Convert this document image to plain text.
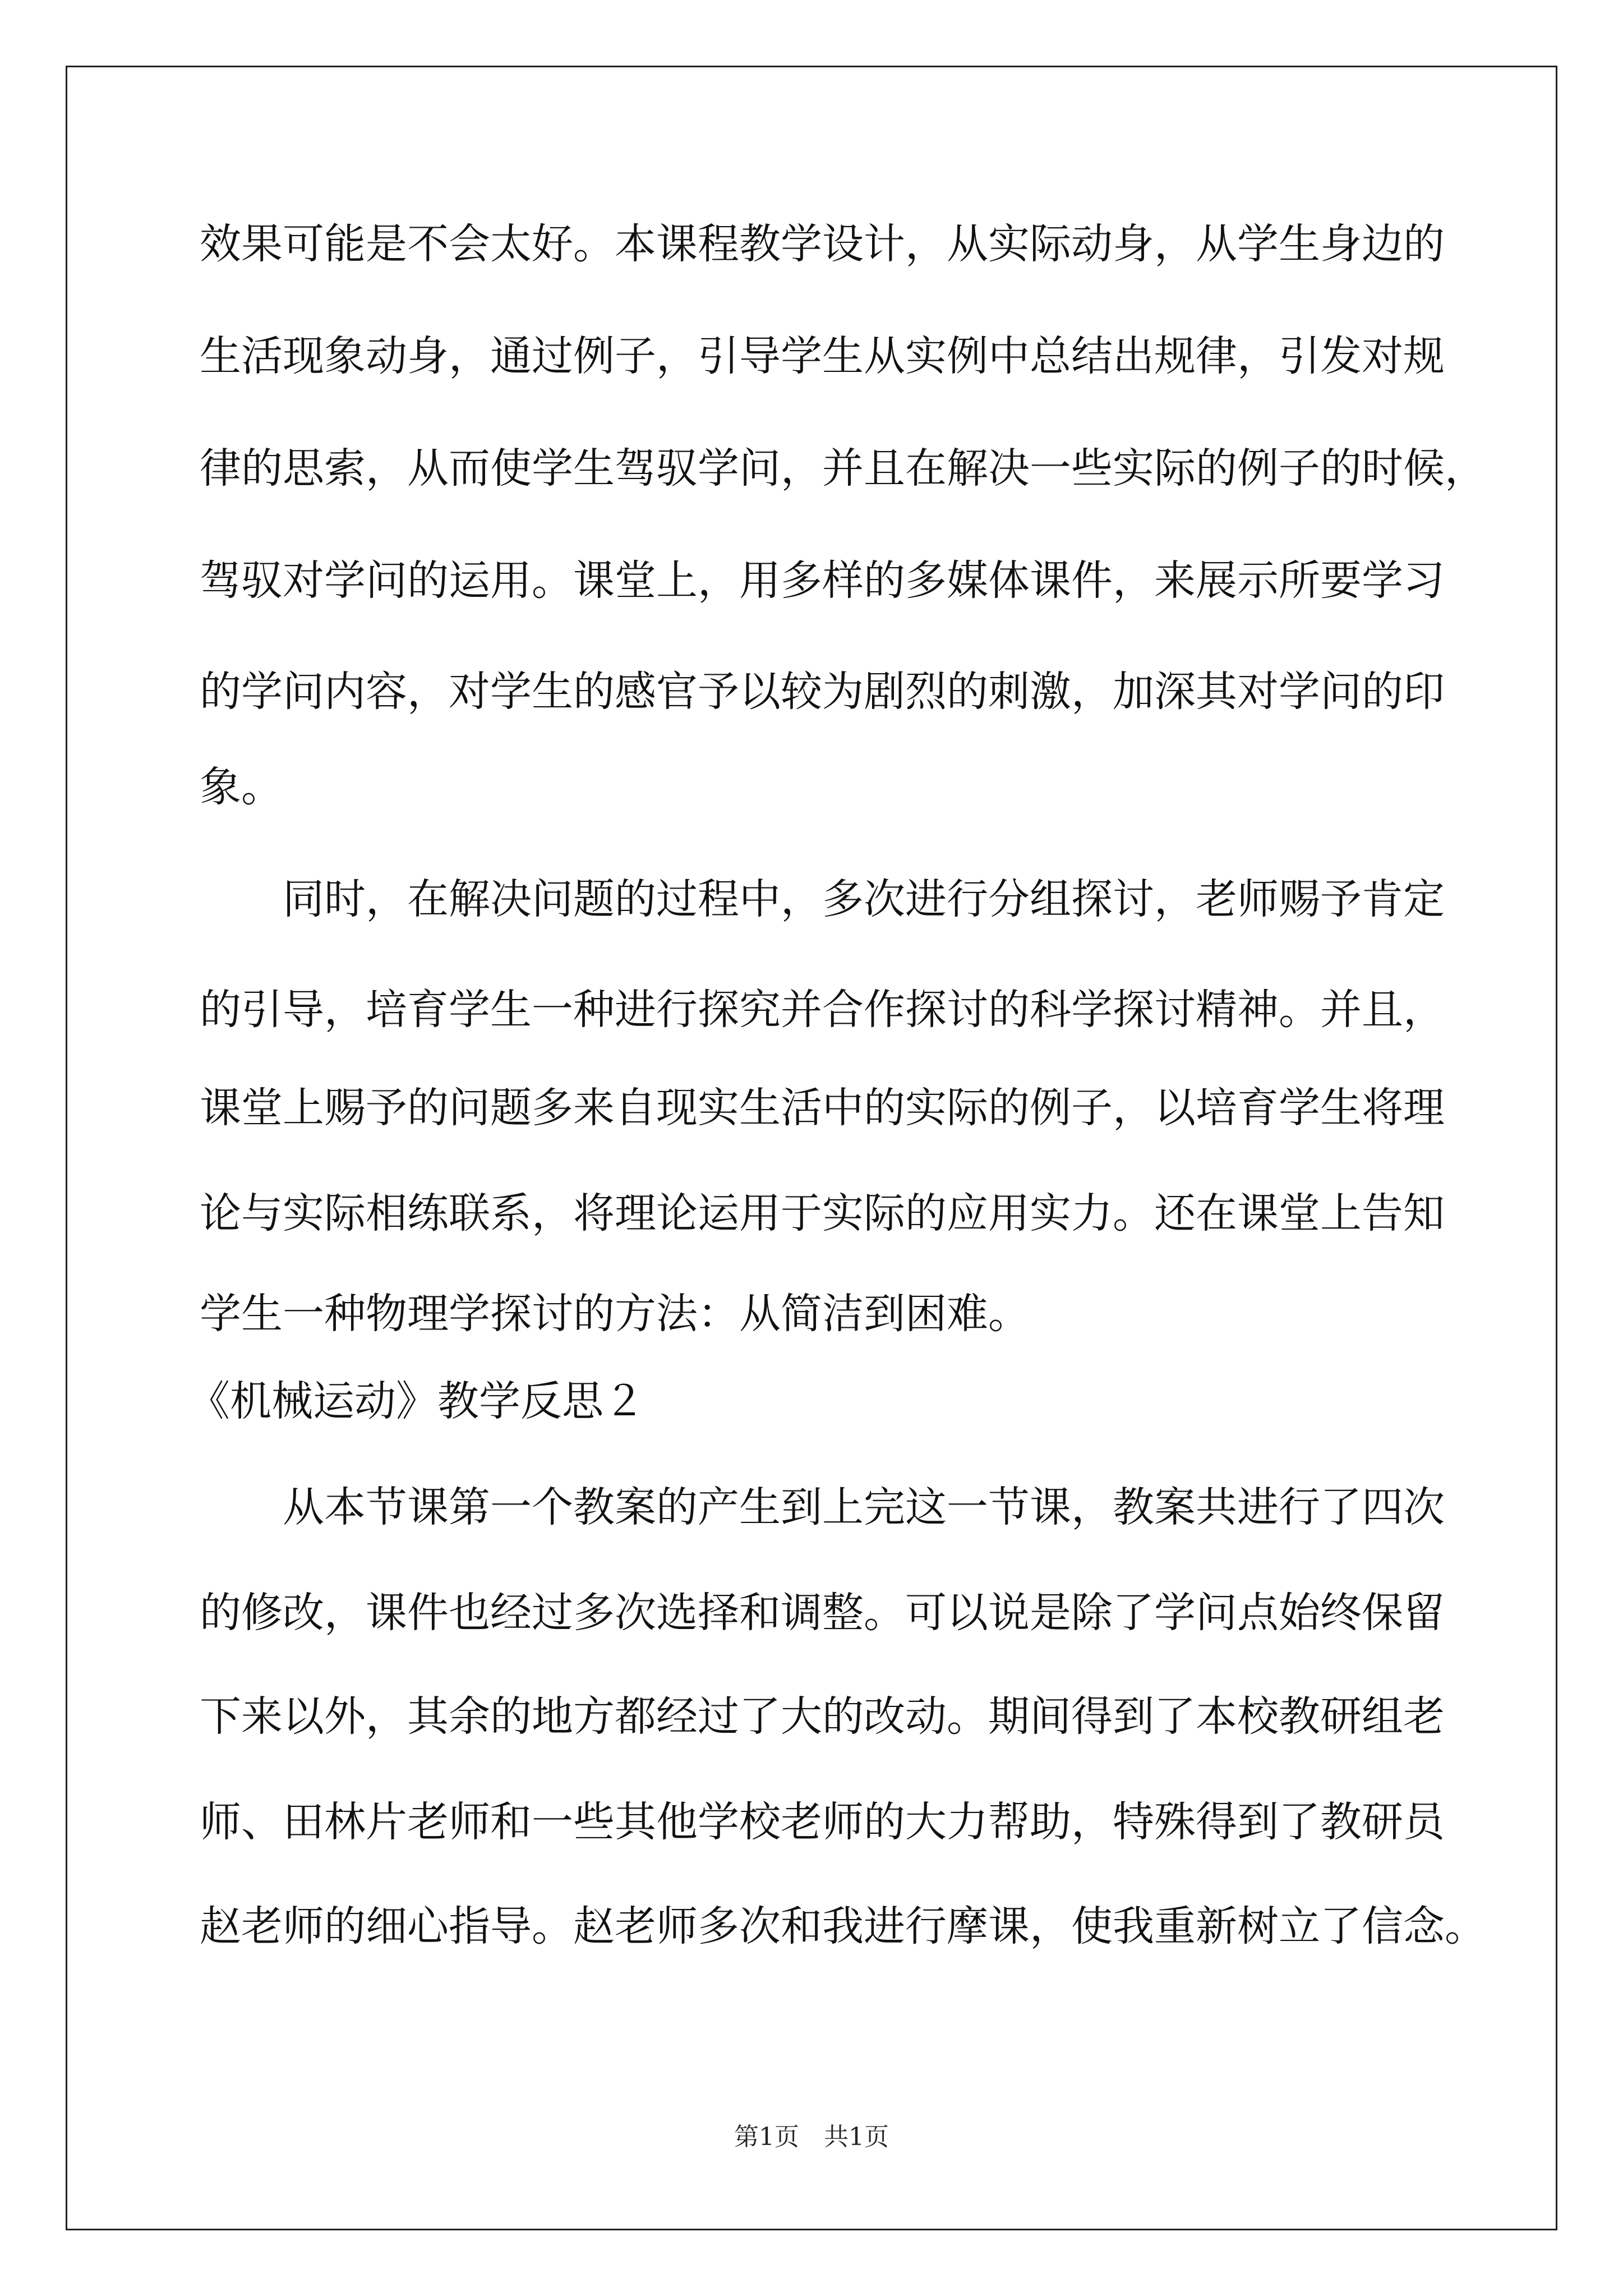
效果可能是不会太好。本课程教学设计，从实际动身，从学生身边的
生活现象动身，通过例子，引导学生从实例中总结出规律，引发对规
律的思索，从而使学生驾驭学问，并且在解决一些实际的例子的时候，
驾驭对学问的运用。课堂上，用多样的多媒体课件，来展示所要学习
的学问内容，对学生的感官予以较为剧烈的刺激，加深其对学问的印
象。
同时，在解决问题的过程中，多次进行分组探讨，老师赐予肯定
的引导，培育学生一种进行探究并合作探讨的科学探讨精神。并且，
课堂上赐予的问题多来自现实生活中的实际的例子，以培育学生将理
论与实际相练联系，将理论运用于实际的应用实力。还在课堂上告知
学生一种物理学探讨的方法：从简洁到困难。
《机械运动》教学反思２
从本节课第一个教案的产生到上完这一节课，教案共进行了四次
的修改，课件也经过多次选择和调整。可以说是除了学问点始终保留
下来以外，其余的地方都经过了大的改动。期间得到了本校教研组老
师、田林片老师和一些其他学校老师的大力帮助，特殊得到了教研员
赵老师的细心指导。赵老师多次和我进行摩课，使我重新树立了信念。
第1页　共1页
